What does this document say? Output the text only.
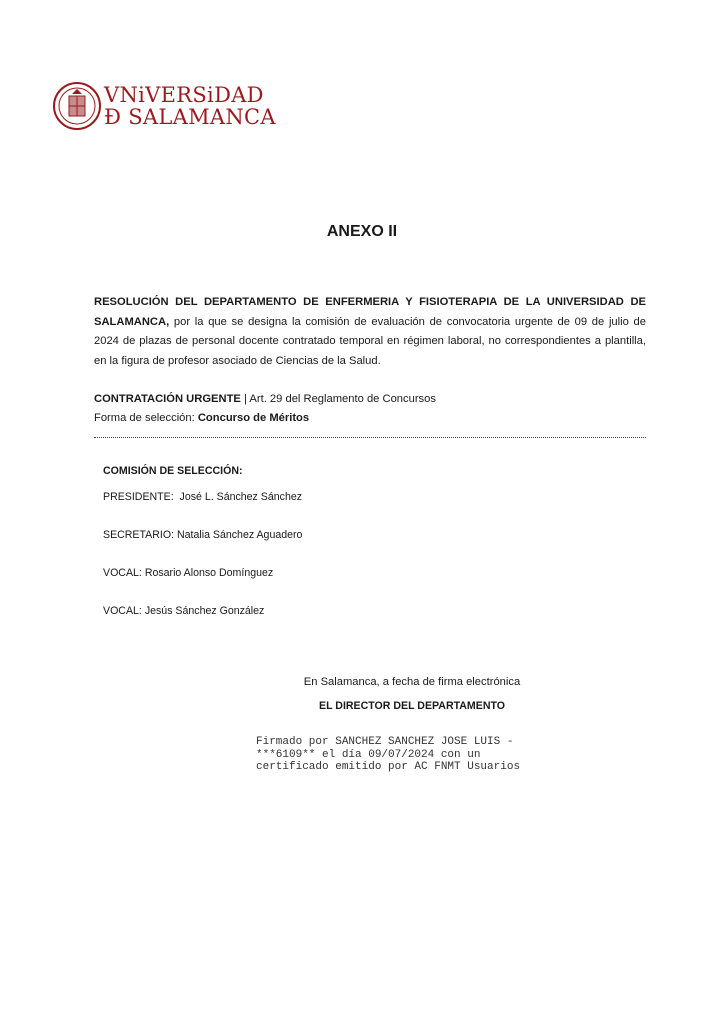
VNiVERSiDAD
Ð SALAMANCA
ANEXO II
RESOLUCIÓN DEL DEPARTAMENTO DE ENFERMERIA Y FISIOTERAPIA DE LA UNIVERSIDAD DE SALAMANCA, por la que se designa la comisión de evaluación de convocatoria urgente de 09 de julio de 2024 de plazas de personal docente contratado temporal en régimen laboral, no correspondientes a plantilla, en la figura de profesor asociado de Ciencias de la Salud.
CONTRATACIÓN URGENTE | Art. 29 del Reglamento de Concursos
Forma de selección: Concurso de Méritos
COMISIÓN DE SELECCIÓN:
PRESIDENTE: José L. Sánchez Sánchez
SECRETARIO: Natalia Sánchez Aguadero
VOCAL: Rosario Alonso Domínguez
VOCAL: Jesús Sánchez González
En Salamanca, a fecha de firma electrónica
EL DIRECTOR DEL DEPARTAMENTO
Firmado por SANCHEZ SANCHEZ JOSE LUIS -
***6109** el día 09/07/2024 con un
certificado emitido por AC FNMT Usuarios
